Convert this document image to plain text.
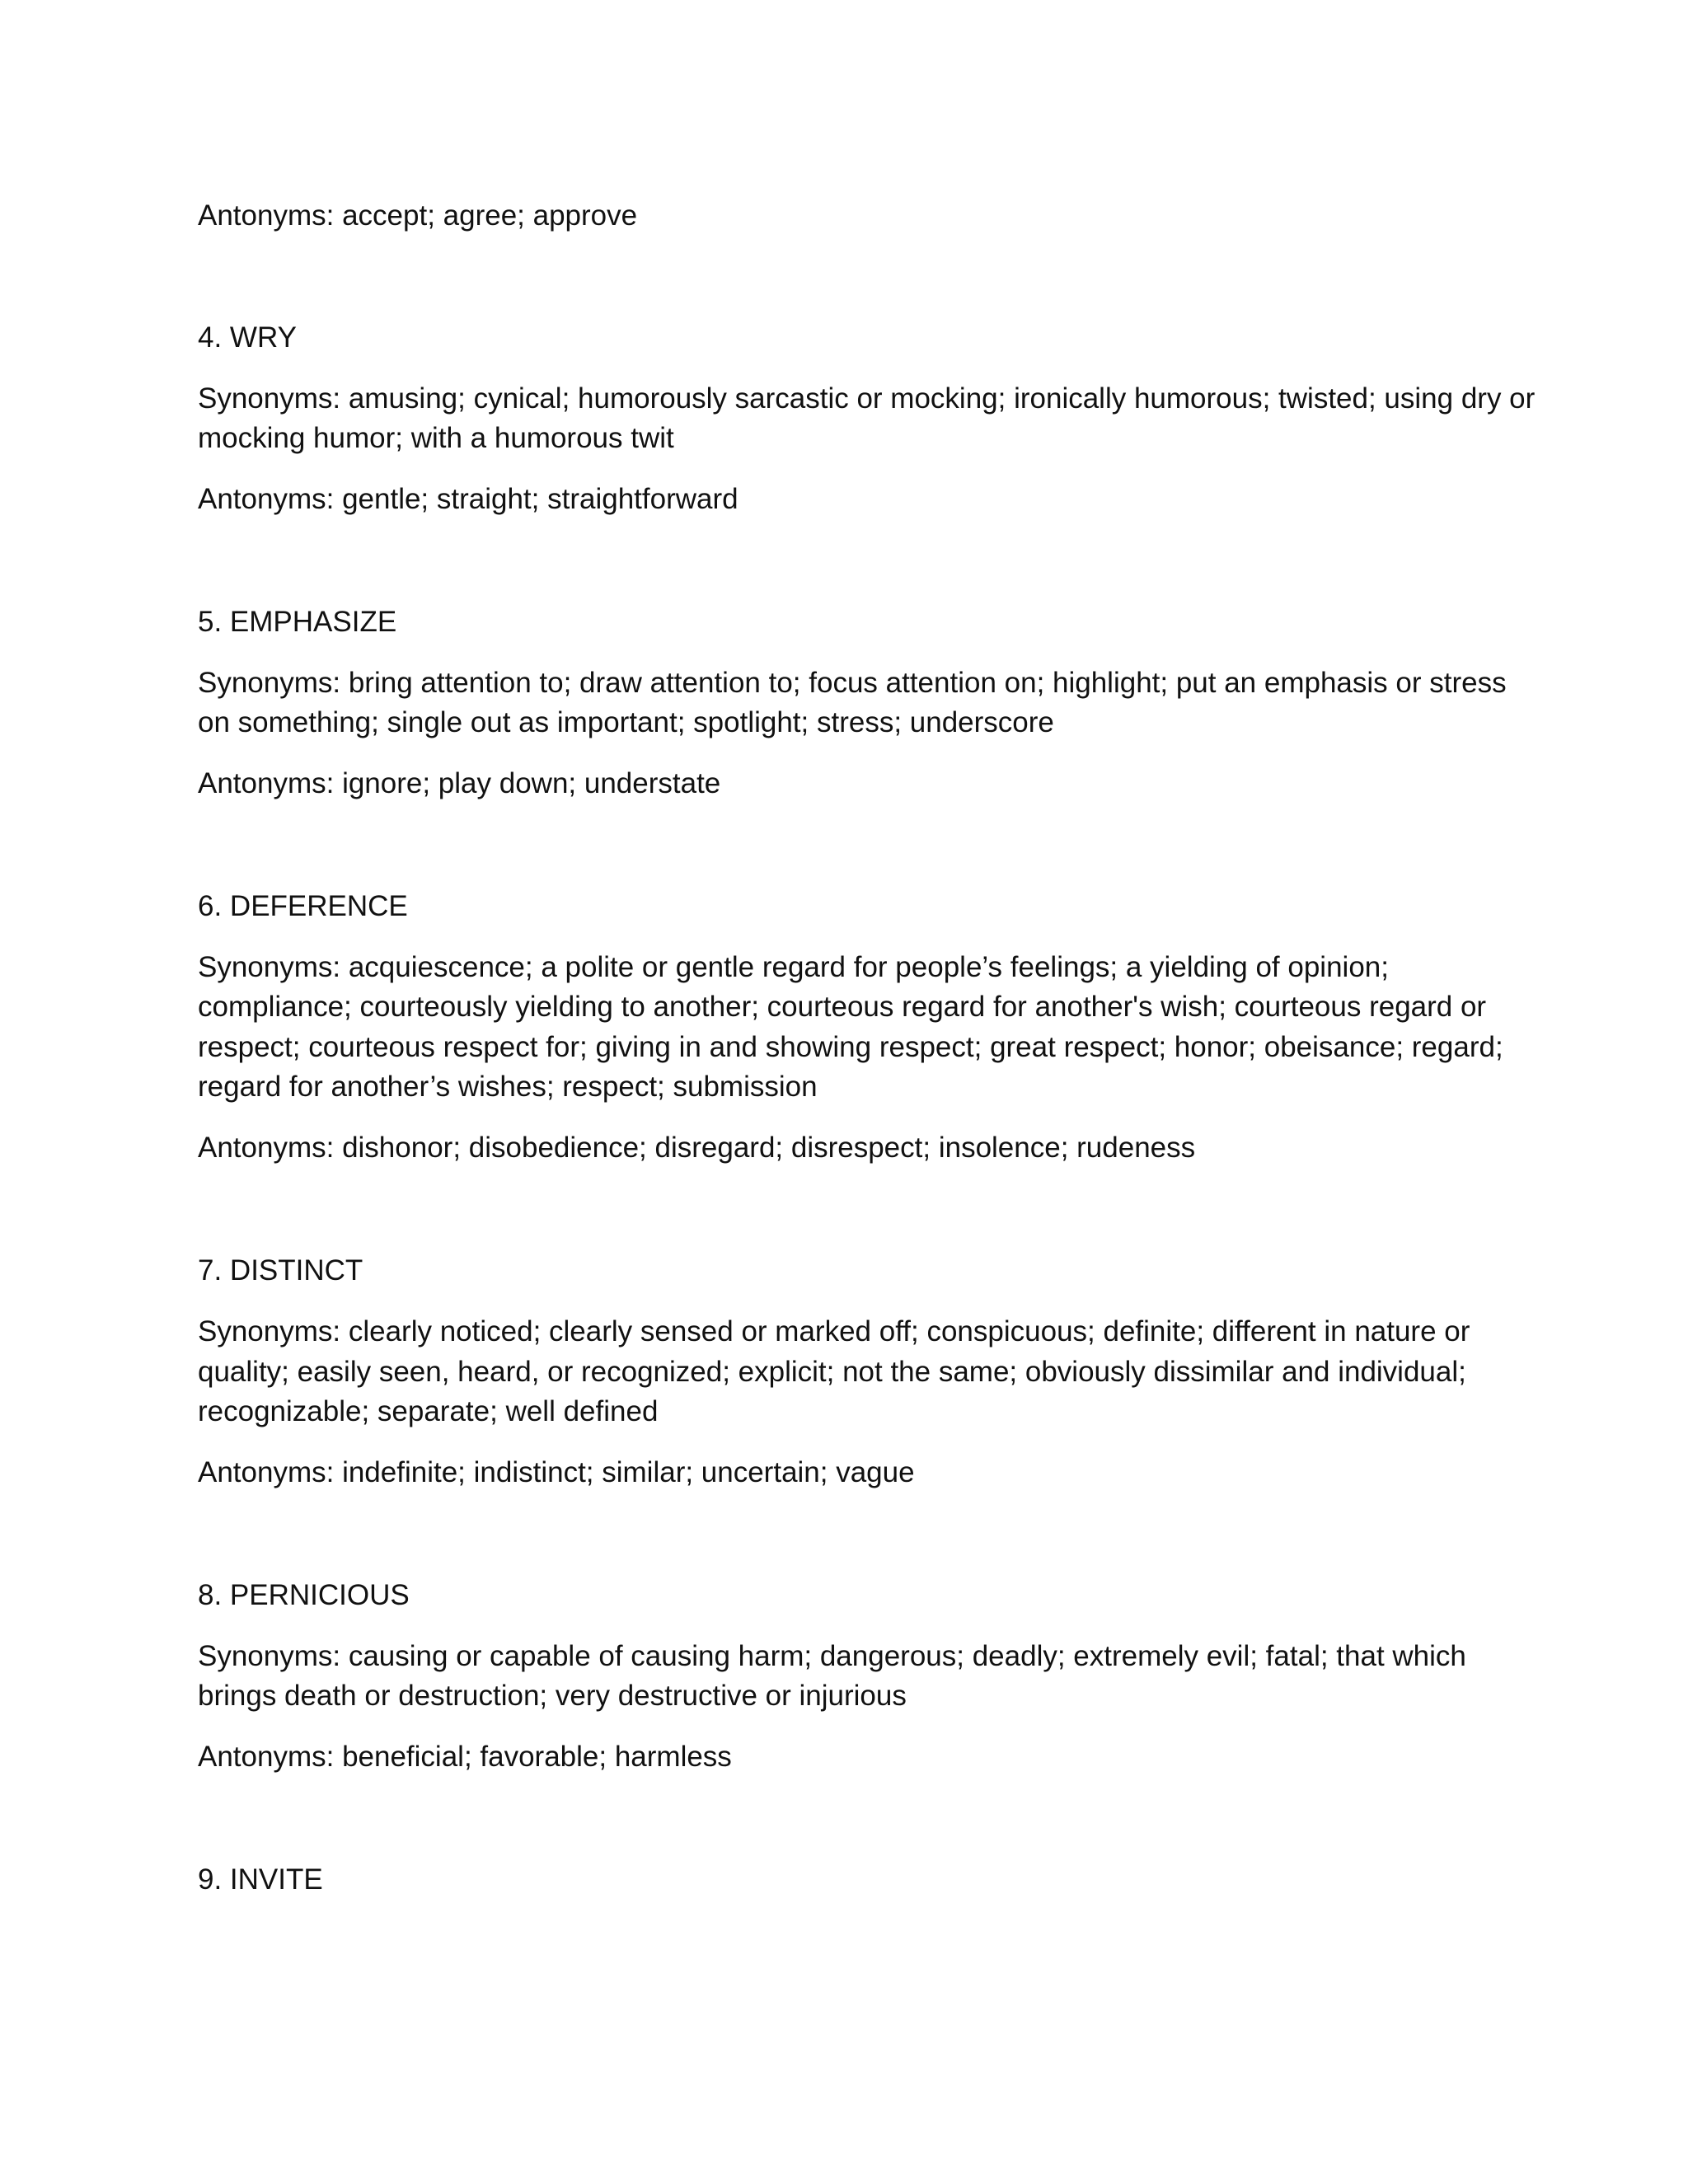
Antonyms: accept; agree; approve
4. WRY
Synonyms: amusing; cynical; humorously sarcastic or mocking; ironically humorous; twisted; using dry or
mocking humor; with a humorous twit
Antonyms: gentle; straight; straightforward
5. EMPHASIZE
Synonyms: bring attention to; draw attention to; focus attention on; highlight; put an emphasis or stress
on something; single out as important; spotlight; stress; underscore
Antonyms: ignore; play down; understate
6. DEFERENCE
Synonyms: acquiescence; a polite or gentle regard for people’s feelings; a yielding of opinion;
compliance; courteously yielding to another; courteous regard for another's wish; courteous regard or
respect; courteous respect for; giving in and showing respect; great respect; honor; obeisance; regard;
regard for another’s wishes; respect; submission
Antonyms: dishonor; disobedience; disregard; disrespect; insolence; rudeness
7. DISTINCT
Synonyms: clearly noticed; clearly sensed or marked off; conspicuous; definite; different in nature or
quality; easily seen, heard, or recognized; explicit; not the same; obviously dissimilar and individual;
recognizable; separate; well defined
Antonyms: indefinite; indistinct; similar; uncertain; vague
8. PERNICIOUS
Synonyms: causing or capable of causing harm; dangerous; deadly; extremely evil; fatal; that which
brings death or destruction; very destructive or injurious
Antonyms: beneficial; favorable; harmless
9. INVITE
